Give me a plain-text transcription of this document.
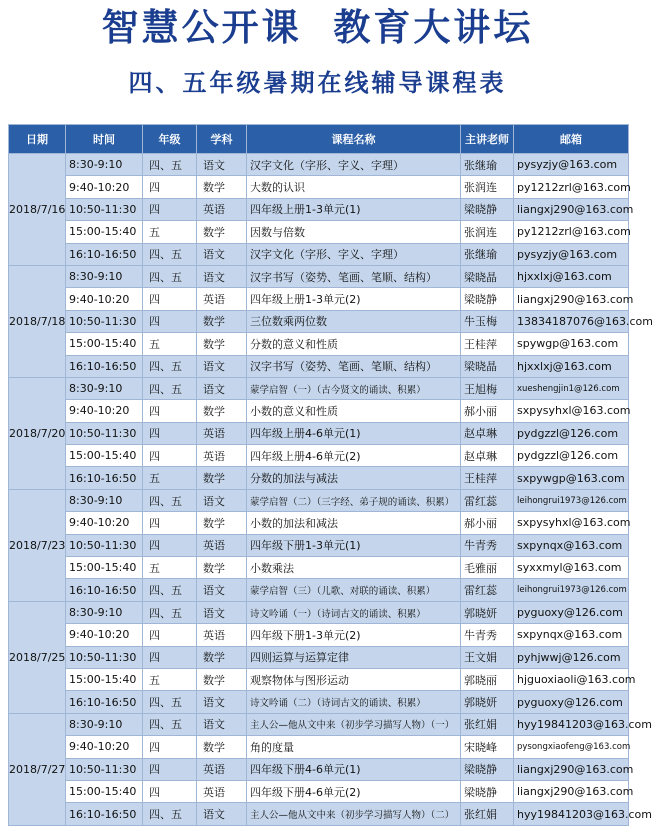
智慧公开课  教育大讲坛
四、五年级暑期在线辅导课程表
日期	时间	年级	学科	课程名称	主讲老师	邮箱
2018/7/16	8:30-9:10	四、五	语文	汉字文化（字形、字义、字理）	张继瑜	pysyzjy@163.com
	9:40-10:20	四	数学	大数的认识	张润连	py1212zrl@163.com
	10:50-11:30	四	英语	四年级上册1-3单元(1)	梁晓静	liangxj290@163.com
	15:00-15:40	五	数学	因数与倍数	张润连	py1212zrl@163.com
	16:10-16:50	四、五	语文	汉字文化（字形、字义、字理）	张继瑜	pysyzjy@163.com
2018/7/18	8:30-9:10	四、五	语文	汉字书写（姿势、笔画、笔顺、结构）	梁晓晶	hjxxlxj@163.com
	9:40-10:20	四	英语	四年级上册1-3单元(2)	梁晓静	liangxj290@163.com
	10:50-11:30	四	数学	三位数乘两位数	牛玉梅	13834187076@163.com
	15:00-15:40	五	数学	分数的意义和性质	王桂萍	spywgp@163.com
	16:10-16:50	四、五	语文	汉字书写（姿势、笔画、笔顺、结构）	梁晓晶	hjxxlxj@163.com
2018/7/20	8:30-9:10	四、五	语文	蒙学启智（一）（古今贤文的诵读、积累）	王旭梅	xueshengjin1@126.com
	9:40-10:20	四	数学	小数的意义和性质	郝小丽	sxpysyhxl@163.com
	10:50-11:30	四	英语	四年级上册4-6单元(1)	赵卓琳	pydgzzl@126.com
	15:00-15:40	四	英语	四年级上册4-6单元(2)	赵卓琳	pydgzzl@126.com
	16:10-16:50	五	数学	分数的加法与减法	王桂萍	sxpywgp@163.com
2018/7/23	8:30-9:10	四、五	语文	蒙学启智（二）（三字经、弟子规的诵读、积累）	雷红蕊	leihongrui1973@126.com
	9:40-10:20	四	数学	小数的加法和减法	郝小丽	sxpysyhxl@163.com
	10:50-11:30	四	英语	四年级下册1-3单元(1)	牛青秀	sxpynqx@163.com
	15:00-15:40	五	数学	小数乘法	毛雅丽	syxxmyl@163.com
	16:10-16:50	四、五	语文	蒙学启智（三）（儿歌、对联的诵读、积累）	雷红蕊	leihongrui1973@126.com
2018/7/25	8:30-9:10	四、五	语文	诗文吟诵（一）（诗词古文的诵读、积累）	郭晓妍	pyguoxy@126.com
	9:40-10:20	四	英语	四年级下册1-3单元(2)	牛青秀	sxpynqx@163.com
	10:50-11:30	四	数学	四则运算与运算定律	王文娟	pyhjwwj@126.com
	15:00-15:40	五	数学	观察物体与图形运动	郭晓丽	hjguoxiaoli@163.com
	16:10-16:50	四、五	语文	诗文吟诵（二）（诗词古文的诵读、积累）	郭晓妍	pyguoxy@126.com
2018/7/27	8:30-9:10	四、五	语文	主人公—他从文中来（初步学习描写人物）（一）	张红娟	hyy19841203@163.com
	9:40-10:20	四	数学	角的度量	宋晓峰	pysongxiaofeng@163.com
	10:50-11:30	四	英语	四年级下册4-6单元(1)	梁晓静	liangxj290@163.com
	15:00-15:40	四	英语	四年级下册4-6单元(2)	梁晓静	liangxj290@163.com
	16:10-16:50	四、五	语文	主人公—他从文中来（初步学习描写人物）（二）	张红娟	hyy19841203@163.com
